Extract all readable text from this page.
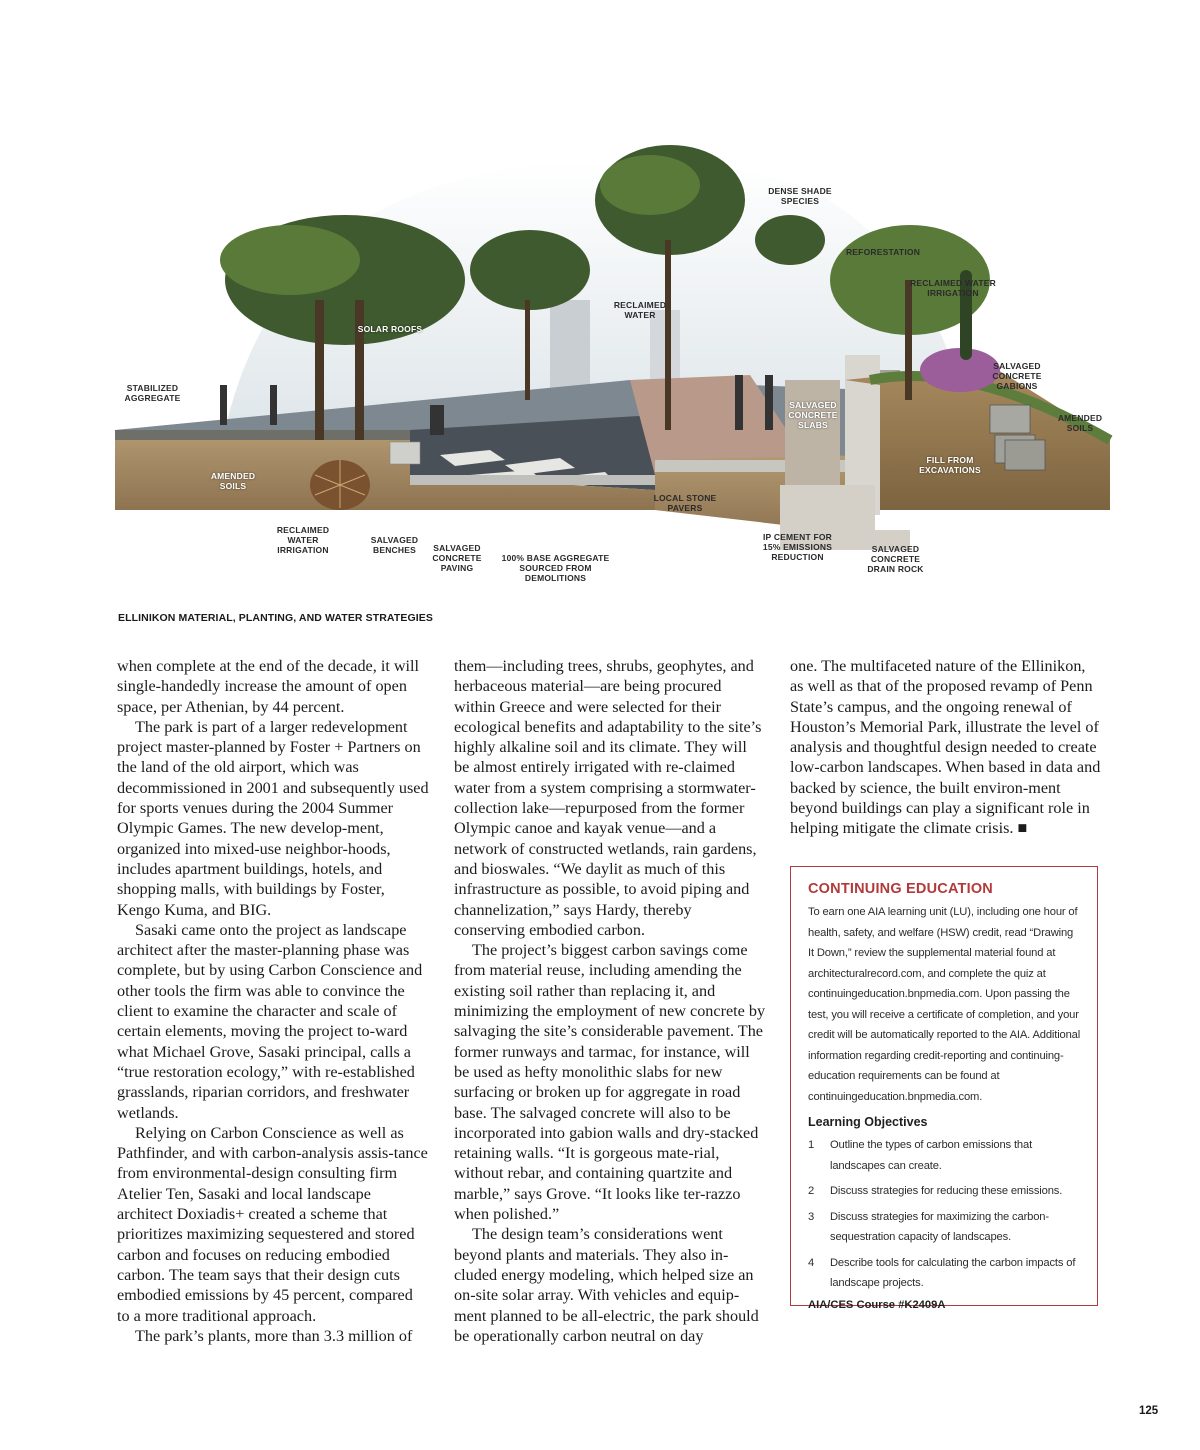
DENSE SHADE
SPECIES
REFORESTATION
RECLAIMED WATER
IRRIGATION
SALVAGED
CONCRETE
GABIONS
AMENDED
SOILS
FILL FROM
EXCAVATIONS
RECLAIMED
WATER
SOLAR ROOFS
STABILIZED
AGGREGATE
AMENDED
SOILS
SALVAGED
CONCRETE
SLABS
RECLAIMED
WATER
IRRIGATION
SALVAGED
BENCHES	SALVAGED
CONCRETE
PAVING
100% BASE AGGREGATE
SOURCED FROM
DEMOLITIONS
LOCAL STONE
PAVERS
IP CEMENT FOR
15% EMISSIONS
REDUCTION
SALVAGED
CONCRETE
DRAIN ROCK
ELLINIKON MATERIAL, PLANTING, AND WATER STRATEGIES

when complete at the end of the decade, it will single-handedly increase the amount of open space, per Athenian, by 44 percent.

The park is part of a larger redevelopment project master-planned by Foster + Partners on the land of the old airport, which was decommissioned in 2001 and subsequently used for sports venues during the 2004 Summer Olympic Games. The new develop-ment, organized into mixed-use neighbor-hoods, includes apartment buildings, hotels, and shopping malls, with buildings by Foster, Kengo Kuma, and BIG.

Sasaki came onto the project as landscape architect after the master-planning phase was complete, but by using Carbon Conscience and other tools the firm was able to convince the client to examine the character and scale of certain elements, moving the project to-ward what Michael Grove, Sasaki principal, calls a “true restoration ecology,” with re-established grasslands, riparian corridors, and freshwater wetlands.

Relying on Carbon Conscience as well as Pathfinder, and with carbon-analysis assis-tance from environmental-design consulting firm Atelier Ten, Sasaki and local landscape architect Doxiadis+ created a scheme that prioritizes maximizing sequestered and stored carbon and focuses on reducing embodied carbon. The team says that their design cuts embodied emissions by 45 percent, compared to a more traditional approach.

The park’s plants, more than 3.3 million of

them—including trees, shrubs, geophytes, and herbaceous material—are being procured within Greece and were selected for their ecological benefits and adaptability to the site’s highly alkaline soil and its climate. They will be almost entirely irrigated with re-claimed water from a system comprising a stormwater-collection lake—repurposed from the former Olympic canoe and kayak venue—and a network of constructed wetlands, rain gardens, and bioswales. “We daylit as much of this infrastructure as possible, to avoid piping and channelization,” says Hardy, thereby conserving embodied carbon.

The project’s biggest carbon savings come from material reuse, including amending the existing soil rather than replacing it, and minimizing the employment of new concrete by salvaging the site’s considerable pavement. The former runways and tarmac, for instance, will be used as hefty monolithic slabs for new surfacing or broken up for aggregate in road base. The salvaged concrete will also to be incorporated into gabion walls and dry-stacked retaining walls. “It is gorgeous mate-rial, without rebar, and containing quartzite and marble,” says Grove. “It looks like ter-razzo when polished.”

The design team’s considerations went beyond plants and materials. They also in-cluded energy modeling, which helped size an on-site solar array. With vehicles and equip-ment planned to be all-electric, the park should be operationally carbon neutral on day

one. The multifaceted nature of the Ellinikon, as well as that of the proposed revamp of Penn State’s campus, and the ongoing renewal of Houston’s Memorial Park, illustrate the level of analysis and thoughtful design needed to create low-carbon landscapes. When based in data and backed by science, the built environ-ment beyond buildings can play a significant role in helping mitigate the climate crisis. ■

CONTINUING EDUCATION
To earn one AIA learning unit (LU), including one hour of health, safety, and welfare (HSW) credit, read “Drawing It Down,” review the supplemental material found at architecturalrecord.com, and complete the quiz at continuingeducation.bnpmedia.com. Upon passing the test, you will receive a certificate of completion, and your credit will be automatically reported to the AIA. Additional information regarding credit-reporting and continuing-education requirements can be found at continuingeducation.bnpmedia.com.
Learning Objectives
1	Outline the types of carbon emissions that landscapes can create.
2	Discuss strategies for reducing these emissions.
3	Discuss strategies for maximizing the carbon-sequestration capacity of landscapes.
4	Describe tools for calculating the carbon impacts of landscape projects.
AIA/CES Course #K2409A
125
